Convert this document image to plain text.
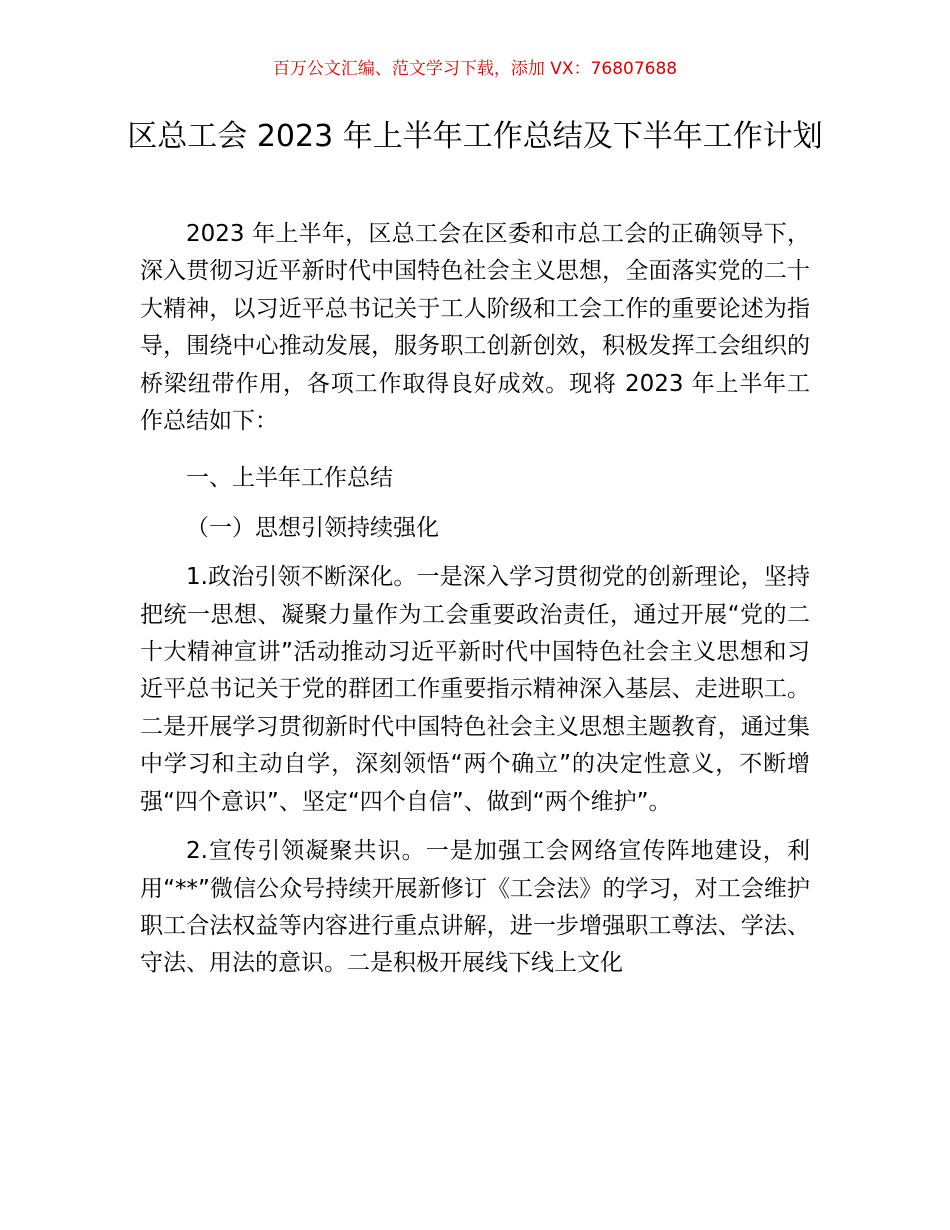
百万公文汇编、范文学习下载，添加 VX：76807688
区总工会 2023 年上半年工作总结及下半年工作计划

2023 年上半年，区总工会在区委和市总工会的正确领导下，深入贯彻习近平新时代中国特色社会主义思想，全面落实党的二十大精神，以习近平总书记关于工人阶级和工会工作的重要论述为指导，围绕中心推动发展，服务职工创新创效，积极发挥工会组织的桥梁纽带作用，各项工作取得良好成效。现将 2023 年上半年工作总结如下：

一、上半年工作总结

（一）思想引领持续强化

1.政治引领不断深化。一是深入学习贯彻党的创新理论，坚持把统一思想、凝聚力量作为工会重要政治责任，通过开展“党的二十大精神宣讲”活动推动习近平新时代中国特色社会主义思想和习近平总书记关于党的群团工作重要指示精神深入基层、走进职工。二是开展学习贯彻新时代中国特色社会主义思想主题教育，通过集中学习和主动自学，深刻领悟“两个确立”的决定性意义，不断增强“四个意识”、坚定“四个自信”、做到“两个维护”。

2.宣传引领凝聚共识。一是加强工会网络宣传阵地建设，利用“**”微信公众号持续开展新修订《工会法》的学习，对工会维护职工合法权益等内容进行重点讲解，进一步增强职工尊法、学法、守法、用法的意识。二是积极开展线下线上文化
